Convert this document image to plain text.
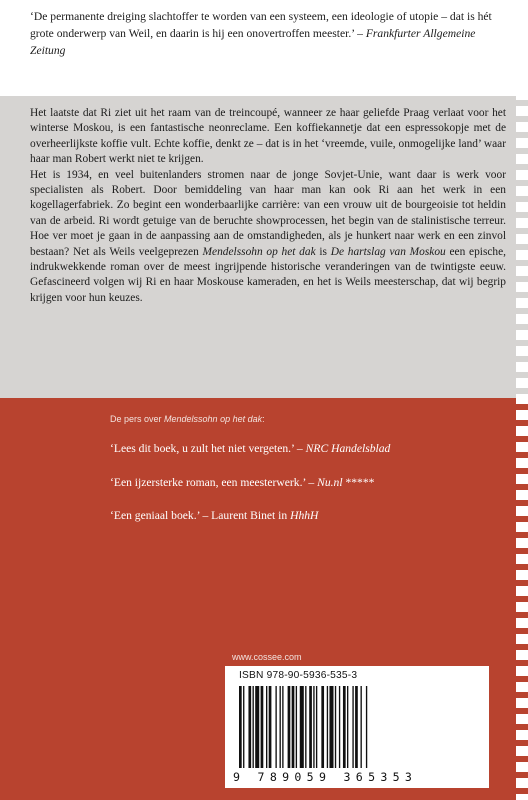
‘De permanente dreiging slachtoffer te worden van een systeem, een ideologie of utopie – dat is hét grote onderwerp van Weil, en daarin is hij een onovertroffen meester.’ – Frankfurter Allgemeine Zeitung

Het laatste dat Ri ziet uit het raam van de treincoupé, wanneer ze haar geliefde Praag verlaat voor het winterse Moskou, is een fantastische neonreclame. Een koffiekannetje dat een espressokopje met de overheerlijkste koffie vult. Echte koffie, denkt ze – dat is in het ‘vreemde, vuile, onmogelijke land’ waar haar man Robert werkt niet te krijgen.

Het is 1934, en veel buitenlanders stromen naar de jonge Sovjet-Unie, want daar is werk voor specialisten als Robert. Door bemiddeling van haar man kan ook Ri aan het werk in een kogellagerfabriek. Zo begint een wonderbaarlijke carrière: van een vrouw uit de bourgeoisie tot heldin van de arbeid. Ri wordt getuige van de beruchte showprocessen, het begin van de stalinistische terreur. Hoe ver moet je gaan in de aanpassing aan de omstandigheden, als je hunkert naar werk en een zinvol bestaan? Net als Weils veelgeprezen Mendelssohn op het dak is De hartslag van Moskou een epische, indrukwekkende roman over de meest ingrijpende historische veranderingen van de twintigste eeuw. Gefascineerd volgen wij Ri en haar Moskouse kameraden, en het is Weils meesterschap, dat wij begrip krijgen voor hun keuzes.

De pers over Mendelssohn op het dak:
‘Lees dit boek, u zult het niet vergeten.’ – NRC Handelsblad
‘Een ijzersterke roman, een meesterwerk.’ – Nu.nl *****
‘Een geniaal boek.’ – Laurent Binet in HhhH
www.cossee.com
ISBN 978-90-5936-535-3
9 789059 365353
